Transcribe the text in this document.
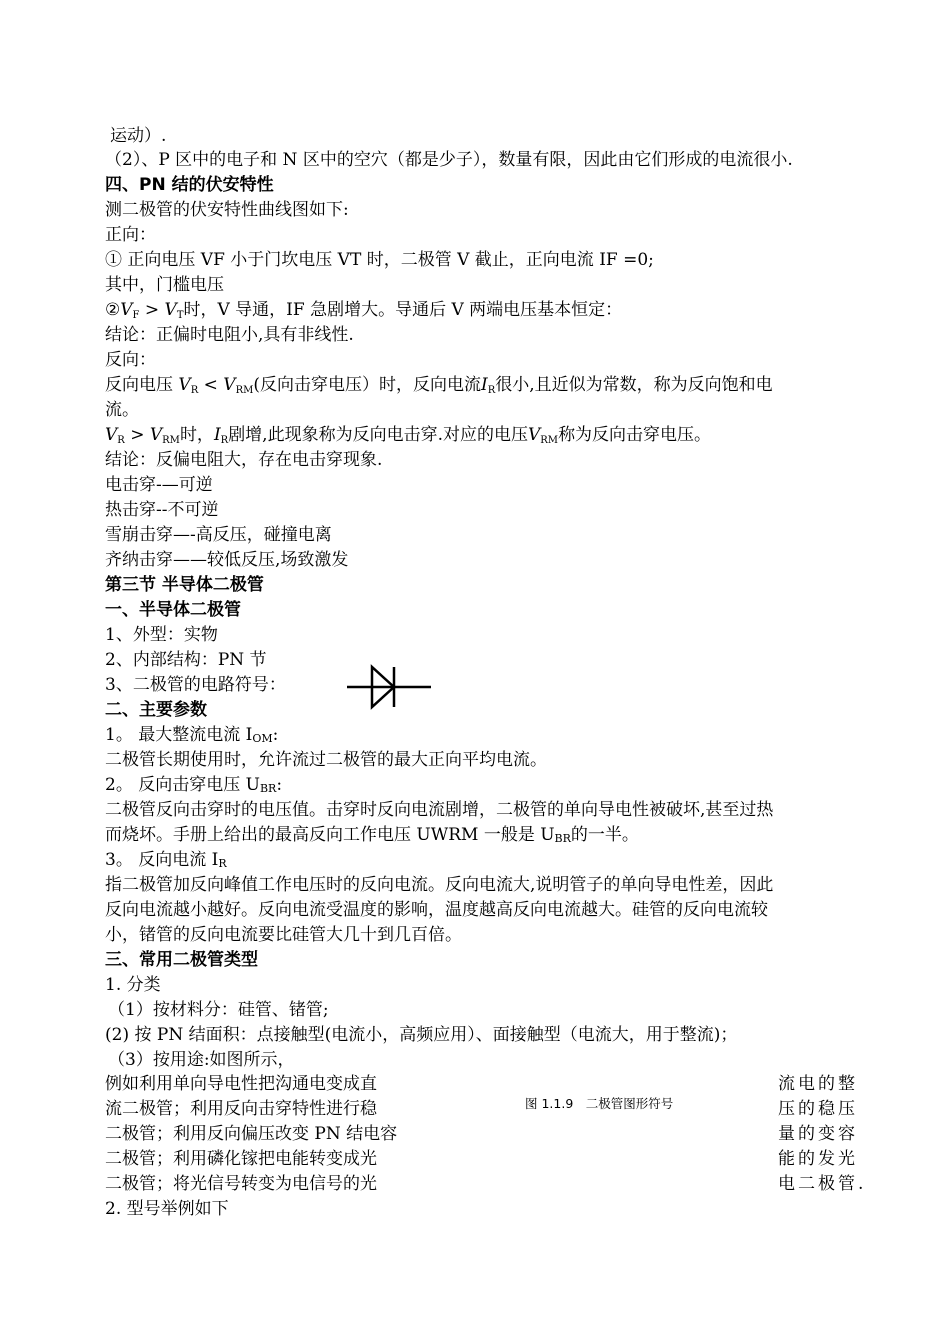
运动）.
（2）、P 区中的电子和 N 区中的空穴（都是少子），数量有限，因此由它们形成的电流很小.
四、PN 结的伏安特性
测二极管的伏安特性曲线图如下:
正向：
① 正向电压 VF 小于门坎电压 VT 时，二极管 V 截止，正向电流 IF =0;
其中，门槛电压
$②V_F > V_T$时，V 导通，IF 急剧增大。导通后 V 两端电压基本恒定：
结论：正偏时电阻小,具有非线性.
反向：
反向电压 $V_R < V_{RM}$(反向击穿电压）时，反向电流$I_R$很小,且近似为常数，称为反向饱和电
流。
$V_R > V_{RM}$时，$I_R$剧增,此现象称为反向电击穿.对应的电压$V_{RM}$称为反向击穿电压。
结论：反偏电阻大，存在电击穿现象.
电击穿-—可逆
热击穿--不可逆
雪崩击穿—-高反压，碰撞电离
齐纳击穿——较低反压,场致激发
第三节 半导体二极管
一、半导体二极管
1、外型：实物
2、内部结构：PN 节
3、二极管的电路符号：
二、主要参数
1。 最大整流电流 IOM:
二极管长期使用时，允许流过二极管的最大正向平均电流。
2。 反向击穿电压 UBR:
二极管反向击穿时的电压值。击穿时反向电流剧增，二极管的单向导电性被破坏,甚至过热
而烧坏。手册上给出的最高反向工作电压 UWRM 一般是 UBR的一半。
3。 反向电流 IR
指二极管加反向峰值工作电压时的反向电流。反向电流大,说明管子的单向导电性差，因此
反向电流越小越好。反向电流受温度的影响，温度越高反向电流越大。硅管的反向电流较
小，锗管的反向电流要比硅管大几十到几百倍。
三、常用二极管类型
1. 分类
（1）按材料分：硅管、锗管;
(2) 按 PN 结面积：点接触型(电流小，高频应用）、面接触型（电流大，用于整流)；
（3）按用途:如图所示，
例如利用单向导电性把沟通电变成直
流二极管；利用反向击穿特性进行稳
二极管；利用反向偏压改变 PN 结电容
二极管；利用磷化镓把电能转变成光
二极管；将光信号转变为电信号的光
图 1.1.9　二极管图形符号
流电的整
压的稳压
量的变容
能的发光
电二极管.
2. 型号举例如下
